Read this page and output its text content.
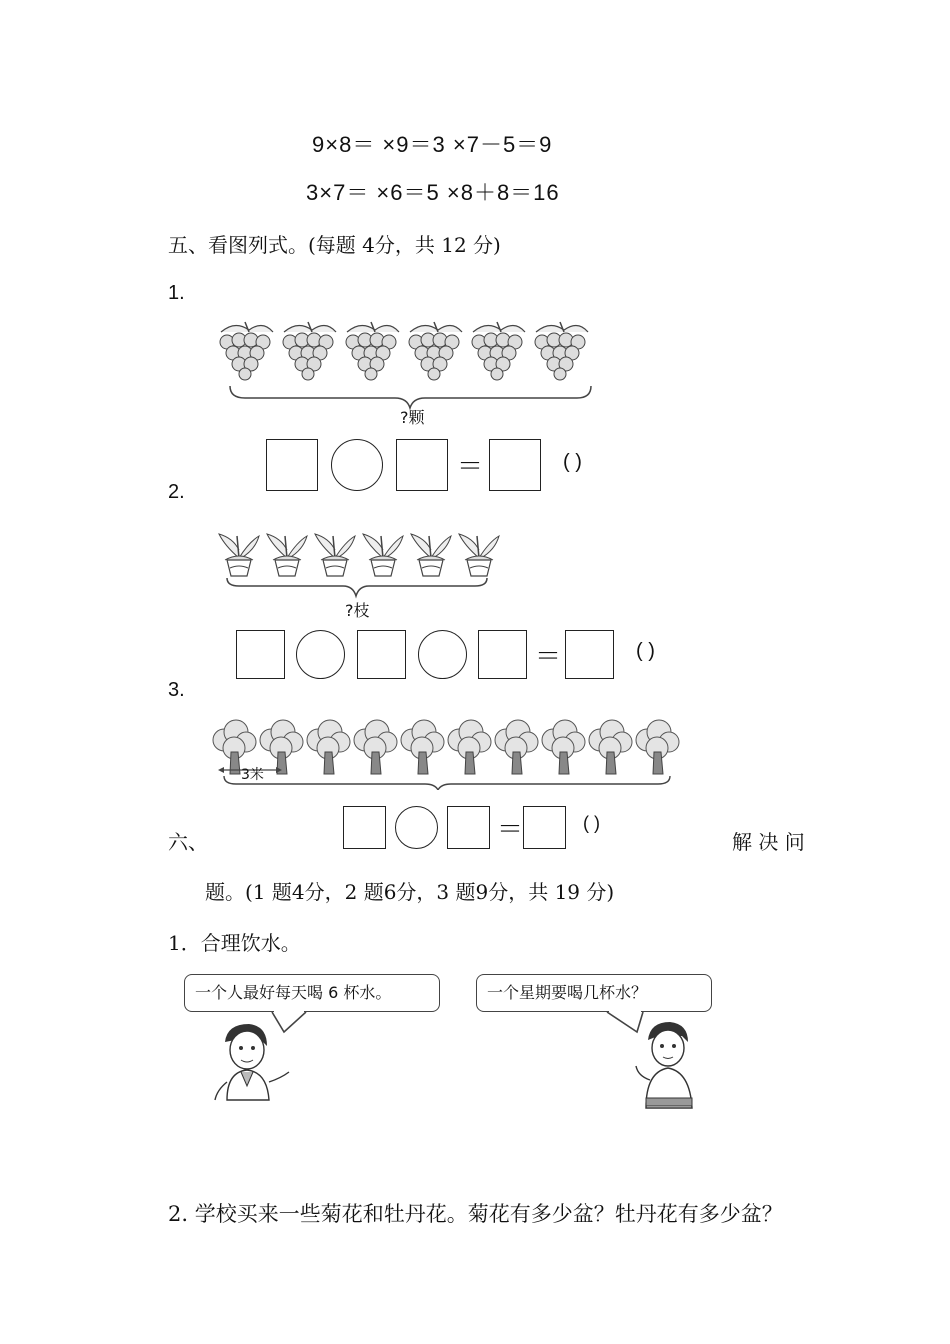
9×8＝ ×9＝3 ×7－5＝9
3×7＝ ×6＝5 ×8＋8＝16
五、看图列式。(每题 4分，共 12 分)
1.
?颗
＝	( )
2.
?枝
＝	( )
3.
3米
＝	( )
六、	解 决 问
题。(1 题4分，2 题6分，3 题9分，共 19 分)
1．合理饮水。
一个人最好每天喝 6 杯水。	一个星期要喝几杯水？
2. 学校买来一些菊花和牡丹花。菊花有多少盆？牡丹花有多少盆？
